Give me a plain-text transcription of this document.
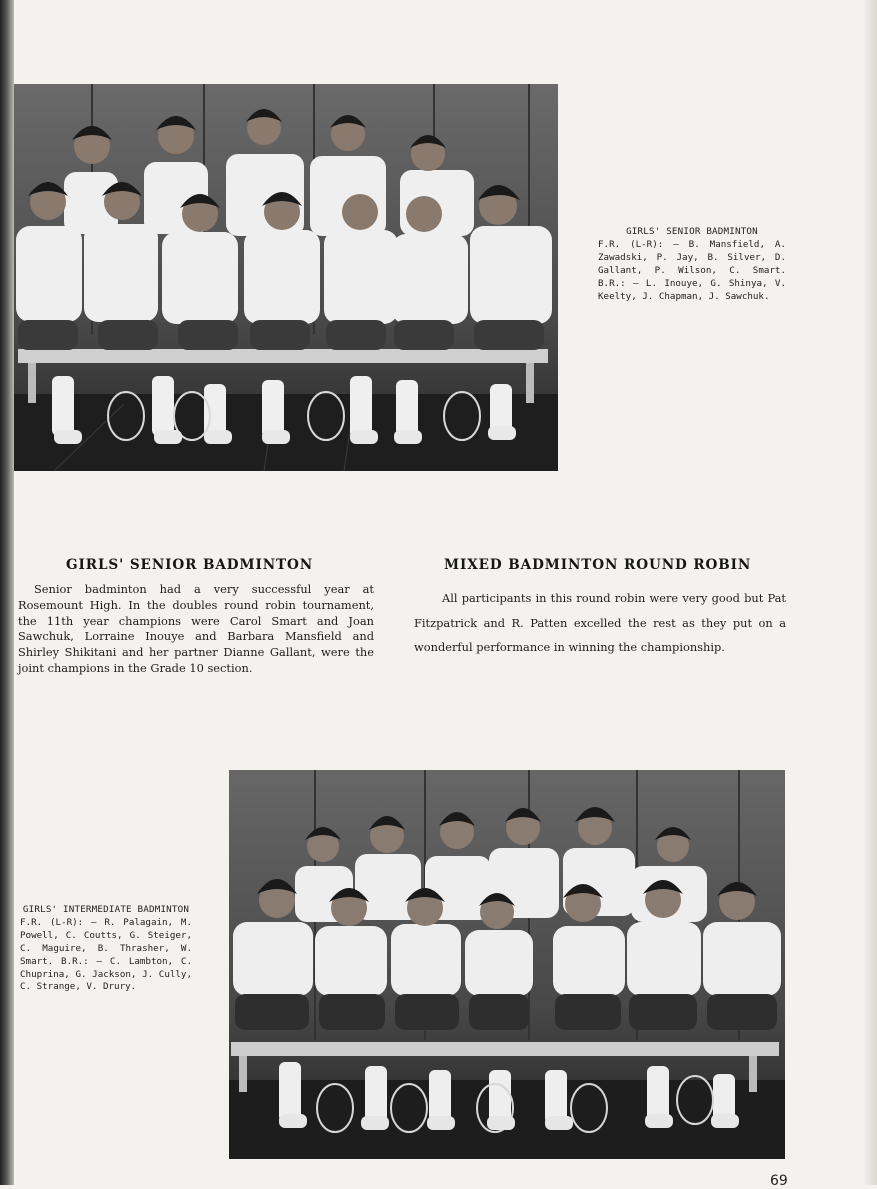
GIRLS' SENIOR BADMINTON
F.R. (L-R): — B. Mansfield, A. Zawadski, P. Jay, B. Silver, D. Gallant, P. Wilson, C. Smart. B.R.: — L. Inouye, G. Shinya, V. Keelty, J. Chapman, J. Sawchuk.
GIRLS' SENIOR BADMINTON
Senior badminton had a very successful year at Rosemount High. In the doubles round robin tournament, the 11th year champions were Carol Smart and Joan Sawchuk, Lorraine Inouye and Barbara Mansfield and Shirley Shikitani and her partner Dianne Gallant, were the joint champions in the Grade 10 section.
MIXED BADMINTON ROUND ROBIN
All participants in this round robin were very good but Pat Fitzpatrick and R. Patten excelled the rest as they put on a wonderful performance in winning the championship.
GIRLS' INTERMEDIATE BADMINTON
F.R. (L-R): — R. Palagain, M. Powell, C. Coutts, G. Steiger, C. Maguire, B. Thrasher, W. Smart. B.R.: — C. Lambton, C. Chuprina, G. Jackson, J. Cully, C. Strange, V. Drury.
69
